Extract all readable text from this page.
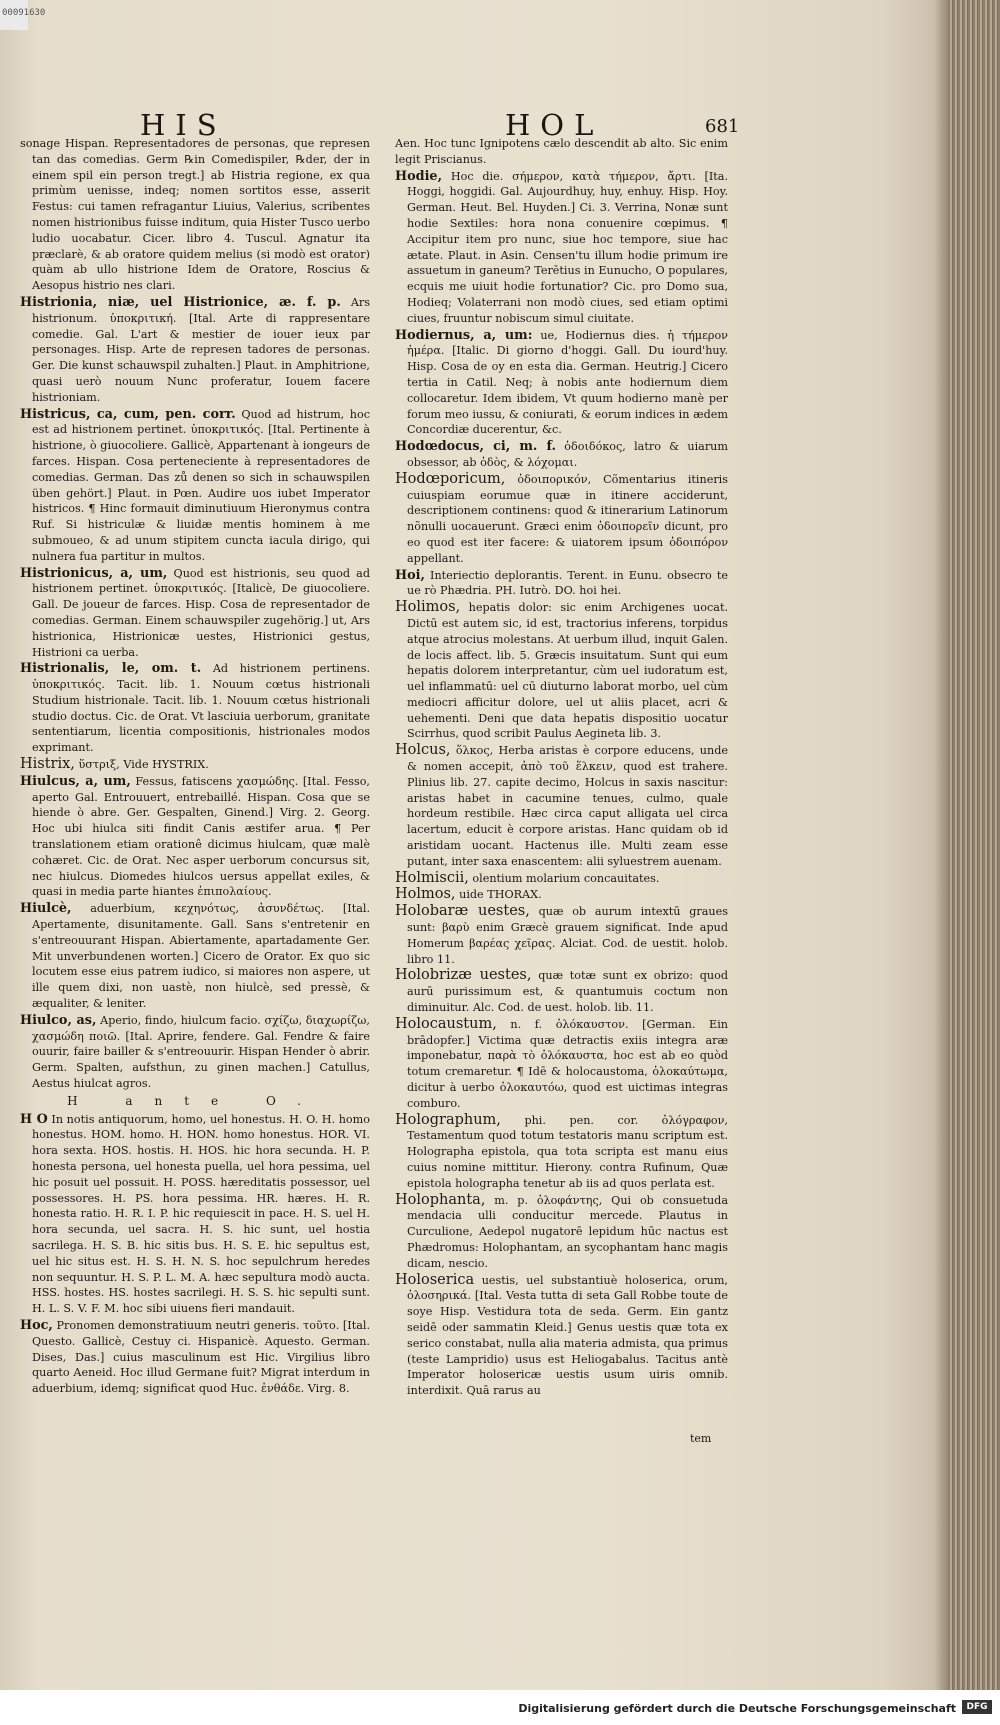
00091630
HIS	HOL	681
sonage Hispan. Representadores de personas, que represen tan das comedias. Germ ℞in Comedispiler, ℞der, der in einem spil ein person tregt.] ab Histria regione, ex qua primùm uenisse, indeq; nomen sortitos esse, asserit Festus: cui tamen refragantur Liuius, Valerius, scribentes nomen histrionibus fuisse inditum, quia Hister Tusco uerbo ludio uocabatur. Cicer. libro 4. Tuscul. Agnatur ita præclarè, & ab oratore quidem melius (si modò est orator) quàm ab ullo histrione Idem de Oratore, Roscius & Aesopus histrio nes clari.
Histrionia, niæ, uel Histrionice, æ. f. p. Ars histrionum. ὑποκριτική. [Ital. Arte di rappresentare comedie. Gal. L'art & mestier de iouer ieux par personages. Hisp. Arte de represen tadores de personas. Ger. Die kunst schauwspil zuhalten.] Plaut. in Amphitrione, quasi uerò nouum Nunc proferatur, Iouem facere histrioniam.
Histricus, ca, cum, pen. corr. Quod ad histrum, hoc est ad histrionem pertinet. ὑποκριτικός. [Ital. Pertinente à histrione, ò giuocoliere. Gallicè, Appartenant à iongeurs de farces. Hispan. Cosa perteneciente à representadores de comedias. German. Das zů denen so sich in schauwspilen üben gehört.] Plaut. in Pœn. Audire uos iubet Imperator histricos. ¶ Hinc formauit diminutiuum Hieronymus contra Ruf. Si histriculæ & liuidæ mentis hominem à me submoueo, & ad unum stipitem cuncta iacula dirigo, qui nulnera fua partitur in multos.
Histrionicus, a, um, Quod est histrionis, seu quod ad histrionem pertinet. ὑποκριτικός. [Italicè, De giuocoliere. Gall. De joueur de farces. Hisp. Cosa de representador de comedias. German. Einem schauwspiler zugehörig.] ut, Ars histrionica, Histrionicæ uestes, Histrionici gestus, Histrioni ca uerba.
Histrionalis, le, om. t. Ad histrionem pertinens. ὑποκριτικός. Tacit. lib. 1. Nouum cœtus histrionali Studium histrionale. Tacit. lib. 1. Nouum cœtus histrionali studio doctus. Cic. de Orat. Vt lasciuia uerborum, granitate sententiarum, licentia compositionis, histrionales modos exprimant.
Histrix, ὕστριξ, Vide HYSTRIX.
Hiulcus, a, um, Fessus, fatiscens χασμώδης. [Ital. Fesso, aperto Gal. Entrouuert, entrebaillé. Hispan. Cosa que se hiende ò abre. Ger. Gespalten, Ginend.] Virg. 2. Georg. Hoc ubi hiulca siti findit Canis æstifer arua. ¶ Per translationem etiam orationê dicimus hiulcam, quæ malè cohæret. Cic. de Orat. Nec asper uerborum concursus sit, nec hiulcus. Diomedes hiulcos uersus appellat exiles, & quasi in media parte hiantes ἐπιπολαίους.
Hiulcè, aduerbium, κεχηνότως, ἀσυνδέτως. [Ital. Apertamente, disunitamente. Gall. Sans s'entretenir en s'entreouurant Hispan. Abiertamente, apartadamente Ger. Mit unverbundenen worten.] Cicero de Orator. Ex quo sic locutem esse eius patrem iudico, si maiores non aspere, ut ille quem dixi, non uastè, non hiulcè, sed pressè, & æqualiter, & leniter.
Hiulco, as, Aperio, findo, hiulcum facio. σχίζω, διαχωρίζω, χασμώδη ποιῶ. [Ital. Aprire, fendere. Gal. Fendre & faire ouurir, faire bailler & s'entreouurir. Hispan Hender ò abrir. Germ. Spalten, aufsthun, zu ginen machen.] Catullus, Aestus hiulcat agros.
H ante O.
H O In notis antiquorum, homo, uel honestus. H. O. H. homo honestus. HOM. homo. H. HON. homo honestus. HOR. VI. hora sexta. HOS. hostis. H. HOS. hic hora secunda. H. P. honesta persona, uel honesta puella, uel hora pessima, uel hic posuit uel possuit. H. POSS. hæreditatis possessor, uel possessores. H. PS. hora pessima. HR. hæres. H. R. honesta ratio. H. R. I. P. hic requiescit in pace. H. S. uel H. hora secunda, uel sacra. H. S. hic sunt, uel hostia sacrilega. H. S. B. hic sitis bus. H. S. E. hic sepultus est, uel hic situs est. H. S. H. N. S. hoc sepulchrum heredes non sequuntur. H. S. P. L. M. A. hæc sepultura modò aucta. HSS. hostes. HS. hostes sacrilegi. H. S. S. hic sepulti sunt. H. L. S. V. F. M. hoc sibi uiuens fieri mandauit.
Hoc, Pronomen demonstratiuum neutri generis. τοῦτο. [Ital. Questo. Gallicè, Cestuy ci. Hispanicè. Aquesto. German. Dises, Das.] cuius masculinum est Hic. Virgilius libro quarto Aeneid. Hoc illud Germane fuit? Migrat interdum in aduerbium, idemq; significat quod Huc. ἐνθάδε. Virg. 8.
Aen. Hoc tunc Ignipotens cælo descendit ab alto. Sic enim legit Priscianus.
Hodie, Hoc die. σήμερον, κατὰ τήμερον, ἄρτι. [Ita. Hoggi, hoggidi. Gal. Aujourdhuy, huy, enhuy. Hisp. Hoy. German. Heut. Bel. Huyden.] Ci. 3. Verrina, Nonæ sunt hodie Sextiles: hora nona conuenire cœpimus. ¶ Accipitur item pro nunc, siue hoc tempore, siue hac ætate. Plaut. in Asin. Censen'tu illum hodie primum ire assuetum in ganeum? Terētius in Eunucho, O populares, ecquis me uiuit hodie fortunatior? Cic. pro Domo sua, Hodieq; Volaterrani non modò ciues, sed etiam optimi ciues, fruuntur nobiscum simul ciuitate.
Hodiernus, a, um: ue, Hodiernus dies. ἡ τήμερον ἡμέρα. [Italic. Di giorno d'hoggi. Gall. Du iourd'huy. Hisp. Cosa de oy en esta dia. German. Heutrig.] Cicero tertia in Catil. Neq; à nobis ante hodiernum diem collocaretur. Idem ibidem, Vt quum hodierno manè per forum meo iussu, & coniurati, & eorum indices in ædem Concordiæ ducerentur, &c.
Hodœdocus, ci, m. f. ὁδοιδόκος, latro & uiarum obsessor, ab ὁδὸς, & λόχομαι.
Hodœporicum, ὁδοιπορικόν, Cõmentarius itineris cuiuspiam eorumue quæ in itinere acciderunt, descriptionem continens: quod & itinerarium Latinorum nõnulli uocauerunt. Græci enim ὁδοιπορεῖν dicunt, pro eo quod est iter facere: & uiatorem ipsum ὁδοιπόρον appellant.
Hoi, Interiectio deplorantis. Terent. in Eunu. obsecro te ue rò Phædria. PH. Iutrò. DO. hoi hei.
Holimos, hepatis dolor: sic enim Archigenes uocat. Dictū est autem sic, id est, tractorius inferens, torpidus atque atrocius molestans. At uerbum illud, inquit Galen. de locis affect. lib. 5. Græcis insuitatum. Sunt qui eum hepatis dolorem interpretantur, cùm uel iudoratum est, uel inflammatū: uel cū diuturno laborat morbo, uel cùm mediocri afficitur dolore, uel ut aliis placet, acri & uehementi. Deni que data hepatis dispositio uocatur Scirrhus, quod scribit Paulus Aegineta lib. 3.
Holcus, ὅλκος, Herba aristas è corpore educens, unde & nomen accepit, ἀπὸ τοῦ ἕλκειν, quod est trahere. Plinius lib. 27. capite decimo, Holcus in saxis nascitur: aristas habet in cacumine tenues, culmo, quale hordeum restibile. Hæc circa caput alligata uel circa lacertum, educit è corpore aristas. Hanc quidam ob id aristidam uocant. Hactenus ille. Multi zeam esse putant, inter saxa enascentem: alii syluestrem auenam.
Holmiscii, olentium molarium concauitates.
Holmos, uide THORAX.
Holobaræ uestes, quæ ob aurum intextū graues sunt: βαρὺ enim Græcè grauem significat. Inde apud Homerum βαρέας χεῖρας. Alciat. Cod. de uestit. holob. libro 11.
Holobrizæ uestes, quæ totæ sunt ex obrizo: quod aurū purissimum est, & quantumuis coctum non diminuitur. Alc. Cod. de uest. holob. lib. 11.
Holocaustum, n. f. ὁλόκαυστον. [German. Ein brādopfer.] Victima quæ detractis exiis integra aræ imponebatur, παρὰ τὸ ὁλόκαυστα, hoc est ab eo quòd totum cremaretur. ¶ Idē & holocaustoma, ὁλοκαύτωμα, dicitur à uerbo ὁλοκαυτόω, quod est uictimas integras comburo.
Holographum, phi. pen. cor. ὁλόγραφον, Testamentum quod totum testatoris manu scriptum est. Holographa epistola, qua tota scripta est manu eius cuius nomine mittitur. Hierony. contra Rufinum, Quæ epistola holographa tenetur ab iis ad quos perlata est.
Holophanta, m. p. ὁλοφάντης, Qui ob consuetuda mendacia ulli conducitur mercede. Plautus in Curculione, Aedepol nugatorē lepidum hūc nactus est Phædromus: Holophantam, an sycophantam hanc magis dicam, nescio.
Holoserica uestis, uel substantiuè holoserica, orum, ὁλοσηρικά. [Ital. Vesta tutta di seta Gall Robbe toute de soye Hisp. Vestidura tota de seda. Germ. Ein gantz seidē oder sammatin Kleid.] Genus uestis quæ tota ex serico constabat, nulla alia materia admista, qua primus (teste Lampridio) usus est Heliogabalus. Tacitus antè Imperator holosericæ uestis usum uiris omnib. interdixit. Quā rarus au
tem
Digitalisierung gefördert durch die Deutsche Forschungsgemeinschaft	DFG
